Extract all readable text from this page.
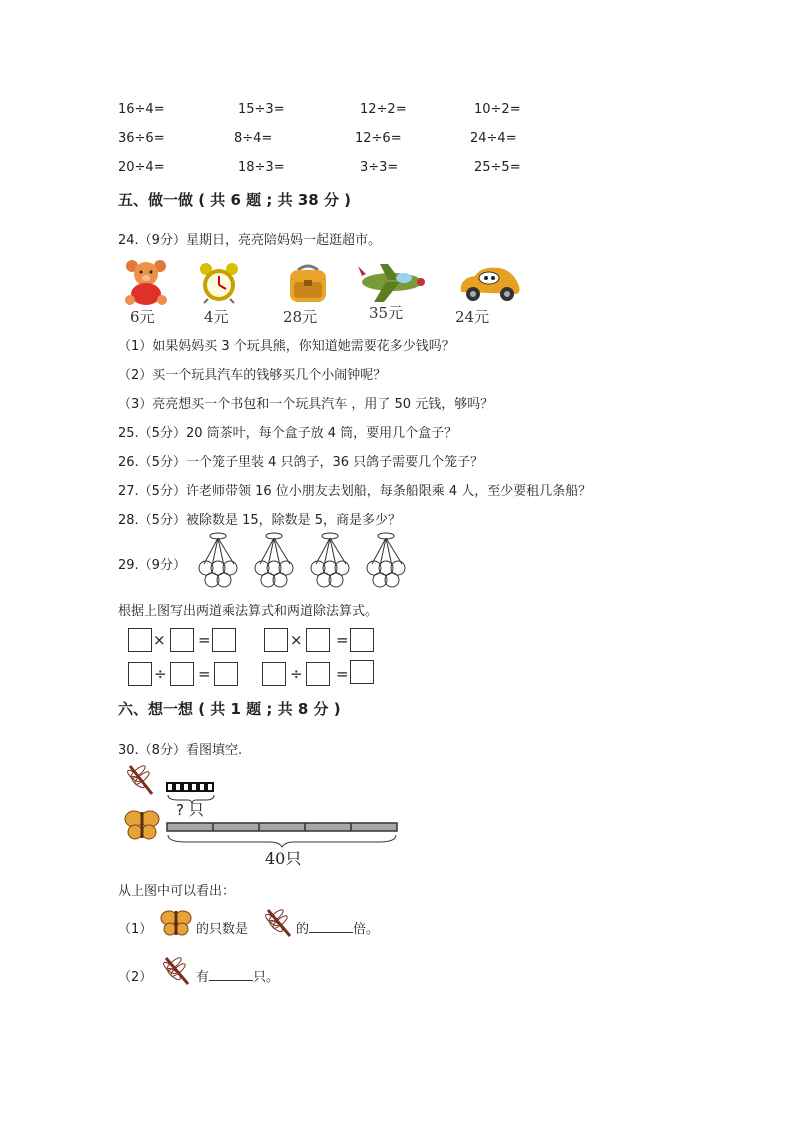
16÷4=	15÷3=	12÷2=	10÷2=
36÷6=	8÷4=	12÷6=	24÷4=
20÷4=	18÷3=	3÷3=	25÷5=
五、做一做 ( 共 6 题 ; 共 38 分 )
24.（9分）星期日，亮亮陪妈妈一起逛超市。
6元	4元	28元	35元	24元
（1）如果妈妈买 3 个玩具熊，你知道她需要花多少钱吗？
（2）买一个玩具汽车的钱够买几个小闹钟呢？
（3）亮亮想买一个书包和一个玩具汽车 ，用了 50 元钱，够吗？
25.（5分）20 筒茶叶，每个盒子放 4 筒，要用几个盒子？
26.（5分）一个笼子里装 4 只鸽子，36 只鸽子需要几个笼子？
27.（5分）许老师带领 16 位小朋友去划船，每条船限乘 4 人，至少要租几条船？
28.（5分）被除数是 15，除数是 5，商是多少？
29.（9分）
根据上图写出两道乘法算式和两道除法算式。
× =	× =
÷ =	÷ =
六、想一想 ( 共 1 题 ; 共 8 分 )
30.（8分）看图填空.
? 只
40只
从上图中可以看出：
（1）	的只数是	的	倍。
（2）	有	只。
